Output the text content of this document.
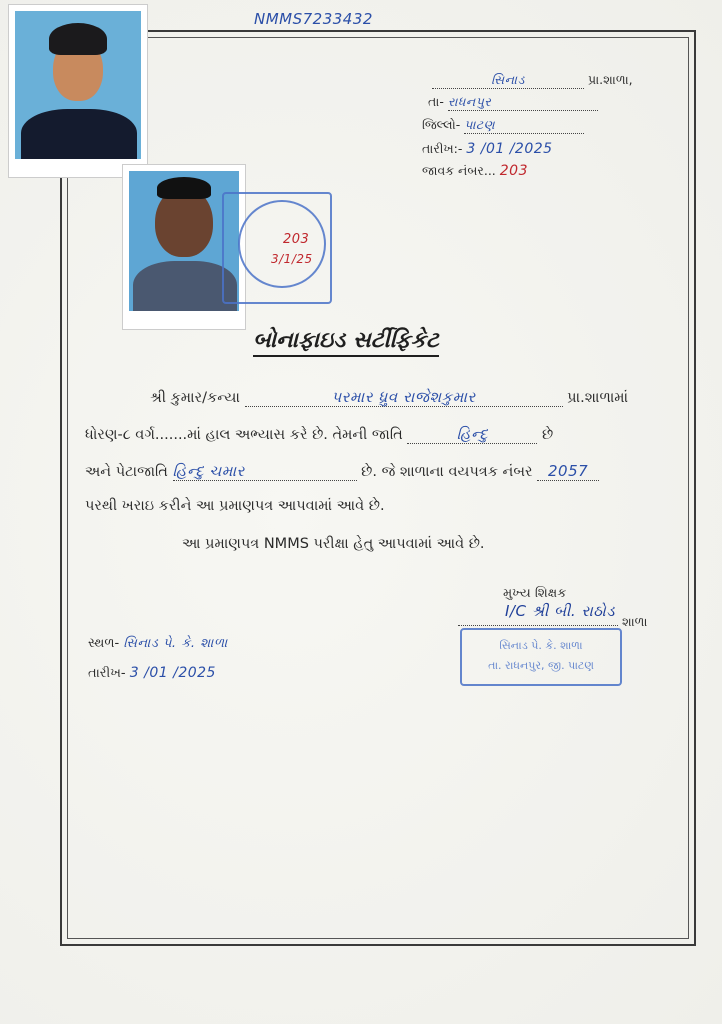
NMMS7233432
203
3/1/25
સિનાડ	પ્રા.શાળા,
તા- રાધનપુર
જિલ્લો- પાટણ
તારીખ:- 3 /01 /2025
જાવક નંબર... 203
બોનાફાઇડ સર્ટીફિકેટ
શ્રી કુમાર/કન્યા	પરમાર ધ્રુવ રાજેશકુમાર	પ્રા.શાળામાં
ધોરણ-૮ વર્ગ.......માં હાલ અભ્યાસ કરે છે. તેમની જાતિ	હિન્દુ	છે
અને પેટાજાતિ હિન્દુ ચમાર	છે. જે શાળાના વયપત્રક નંબર 2057
પરથી ખરાઇ કરીને આ પ્રમાણપત્ર આપવામાં આવે છે.
આ પ્રમાણપત્ર NMMS પરીક્ષા હેતુ આપવામાં આવે છે.
મુખ્ય શિક્ષક
I/C શ્રી બી. રાઠોડ
શાળા
સિનાડ પે. કે. શાળા
તા. રાધનપુર, જી. પાટણ
સ્થળ- સિનાડ પે. કે. શાળા
તારીખ- 3 /01 /2025
